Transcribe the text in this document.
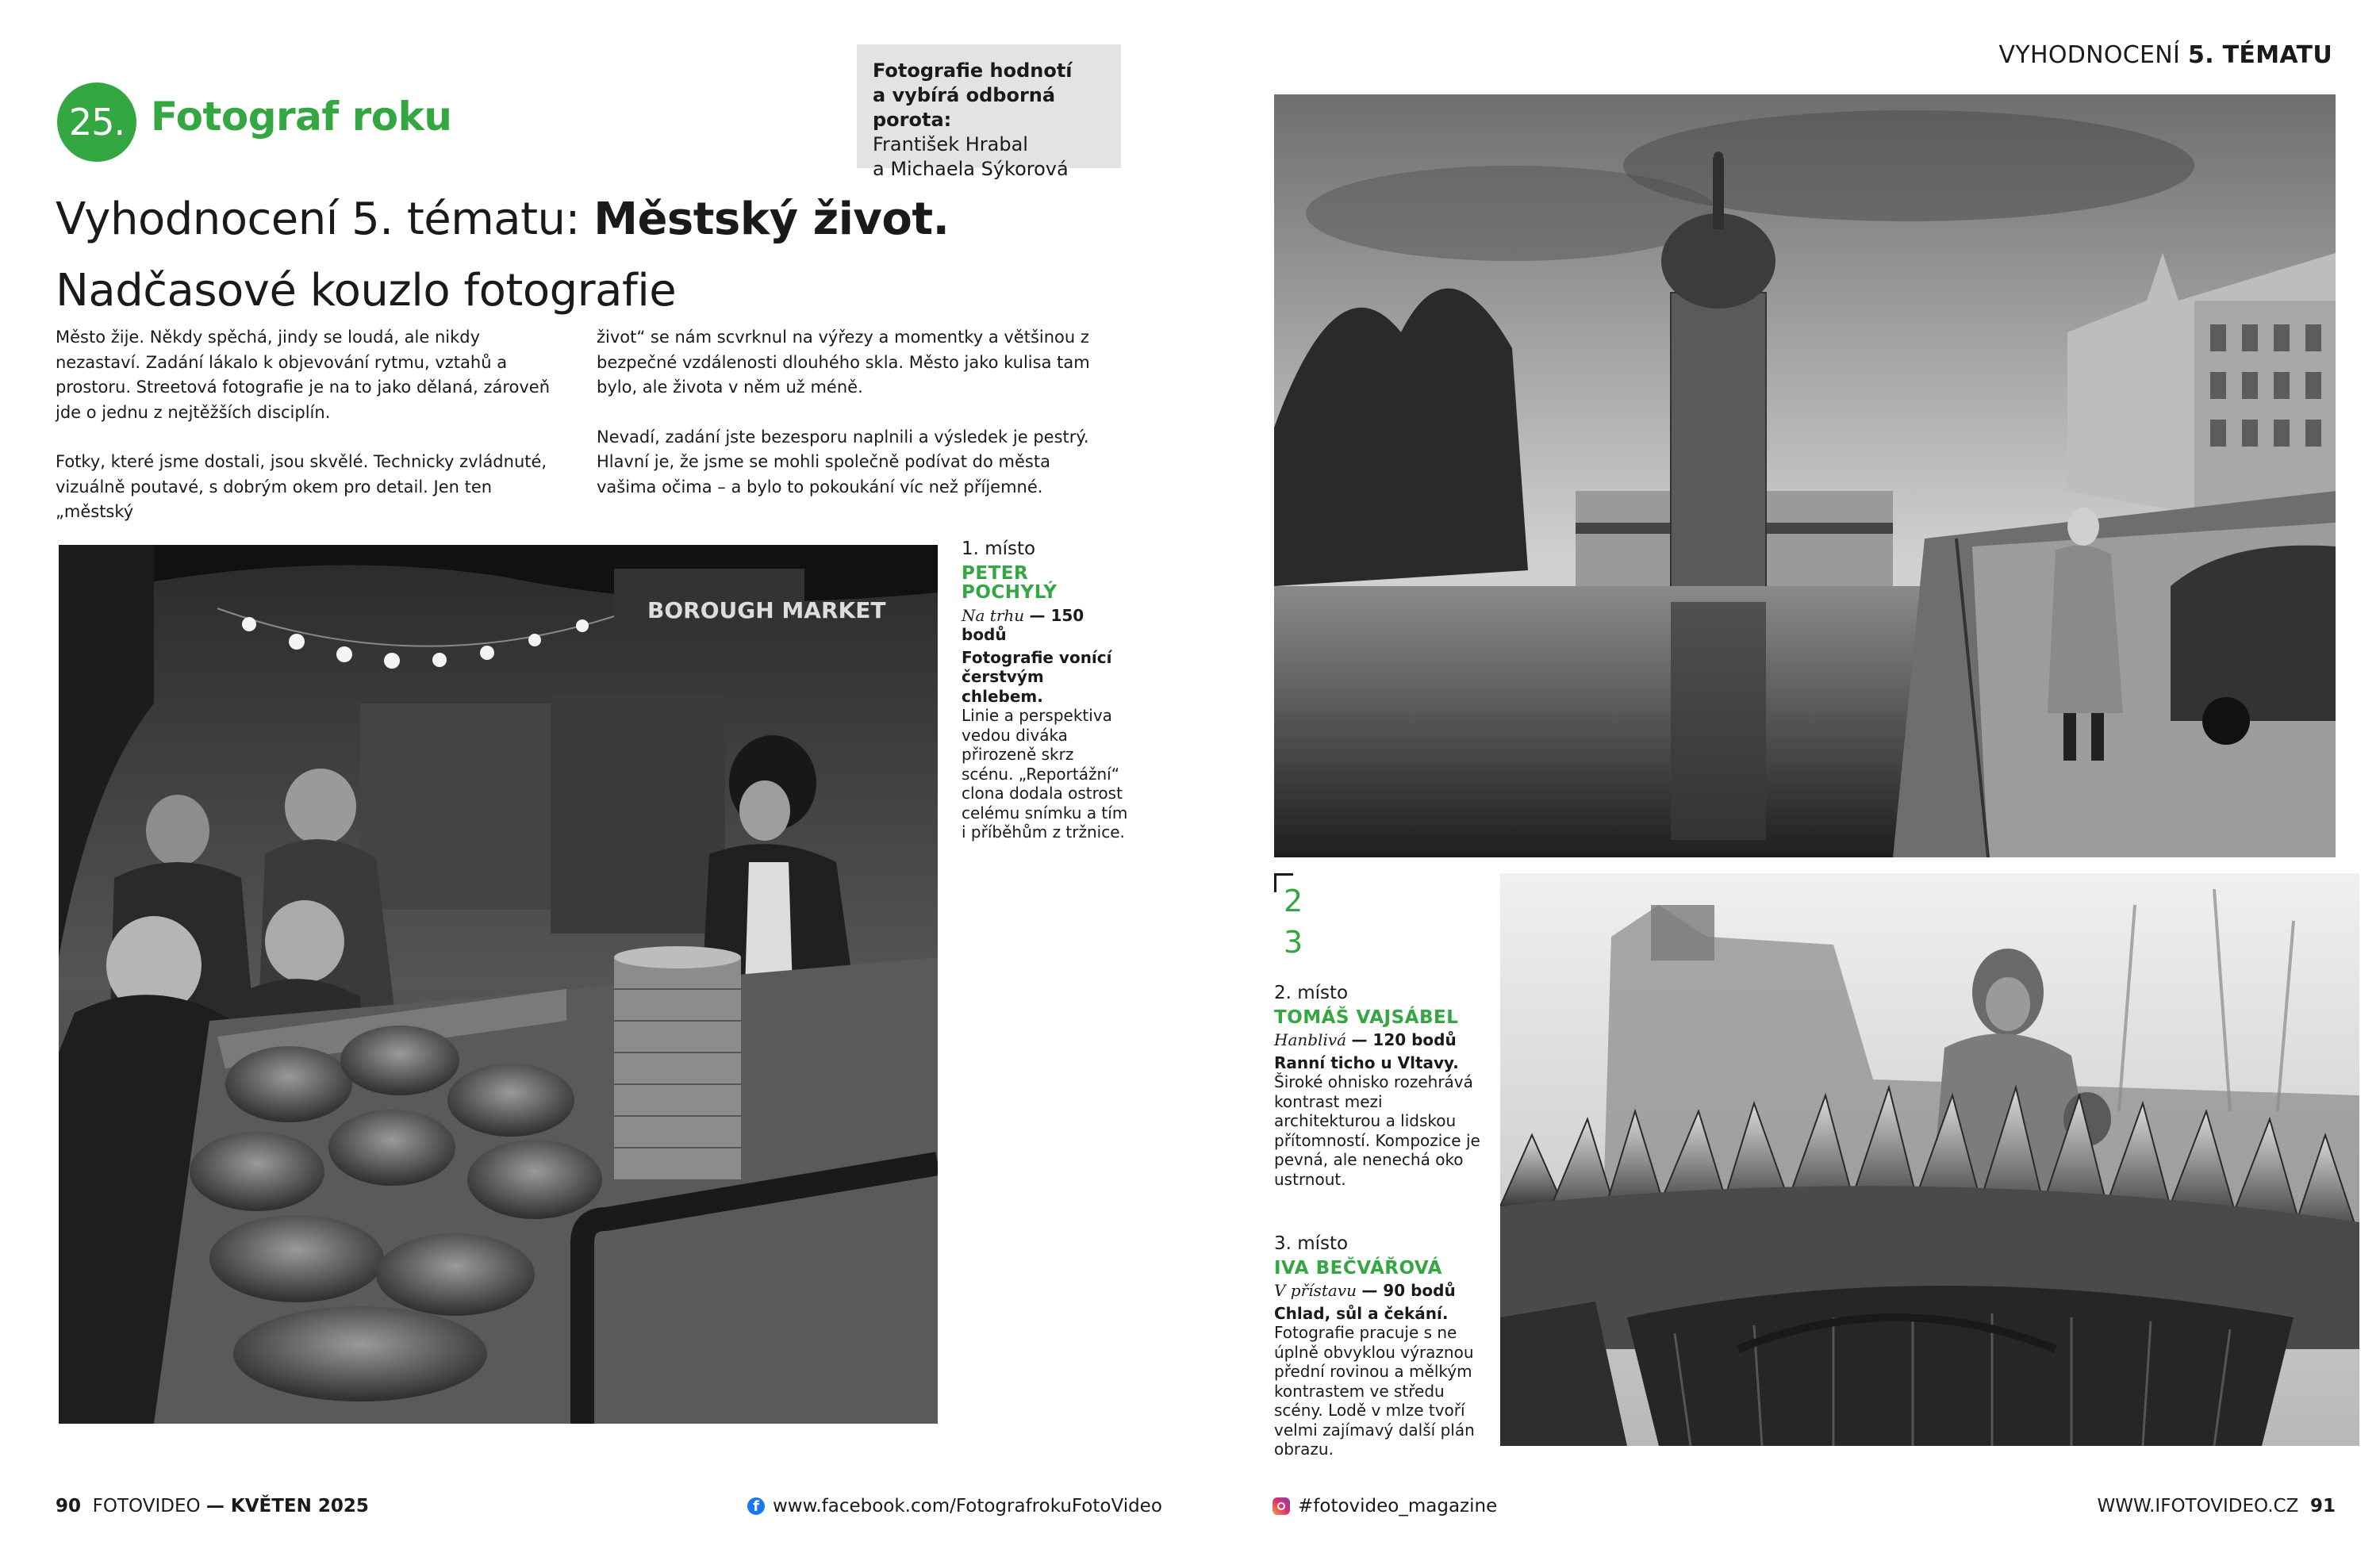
25. Fotograf roku
Fotografie hodnotí
a vybírá odborná porota:
František Hrabal
a Michaela Sýkorová
Vyhodnocení 5. tématu: Městský život.
Nadčasové kouzlo fotografie

Město žije. Někdy spěchá, jindy se loudá, ale nikdy nezastaví. Zadání lákalo k objevování rytmu, vztahů a prostoru. Streetová fotografie je na to jako dělaná, zároveň jde o jednu z nejtěžších disciplín.

Fotky, které jsme dostali, jsou skvělé. Technicky zvládnuté, vizuálně poutavé, s dobrým okem pro detail. Jen ten „městský

život“ se nám scvrknul na výřezy a momentky a většinou z bezpečné vzdálenosti dlouhého skla. Město jako kulisa tam bylo, ale života v něm už méně.

Nevadí, zadání jste bezesporu naplnili a výsledek je pestrý. Hlavní je, že jsme se mohli společně podívat do města vašima očima – a bylo to pokoukání víc než příjemné.

BOROUGH MARKET
1. místo
PETER POCHYLÝ
Na trhu — 150 bodů
Fotografie vonící čerstvým chlebem.
Linie a perspektiva vedou diváka přirozeně skrz scénu. „Reportážní“ clona dodala ostrost celému snímku a tím i příběhům z tržnice.
VYHODNOCENÍ 5. TÉMATU
2
3
2. místo
TOMÁŠ VAJSÁBEL
Hanblivá — 120 bodů
Ranní ticho u Vltavy.
Široké ohnisko rozehrává kontrast mezi architekturou a lidskou přítomností. Kompozice je pevná, ale nenechá oko ustrnout.
3. místo
IVA BEČVÁŘOVÁ
V přístavu — 90 bodů
Chlad, sůl a čekání.
Fotografie pracuje s ne úplně obvyklou výraznou přední rovinou a mělkým kontrastem ve středu scény. Lodě v mlze tvoří velmi zajímavý další plán obrazu.
90 FOTOVIDEO — KVĚTEN 2025	f www.facebook.com/FotografrokuFotoVideo	#fotovideo_magazine	WWW.IFOTOVIDEO.CZ 91
